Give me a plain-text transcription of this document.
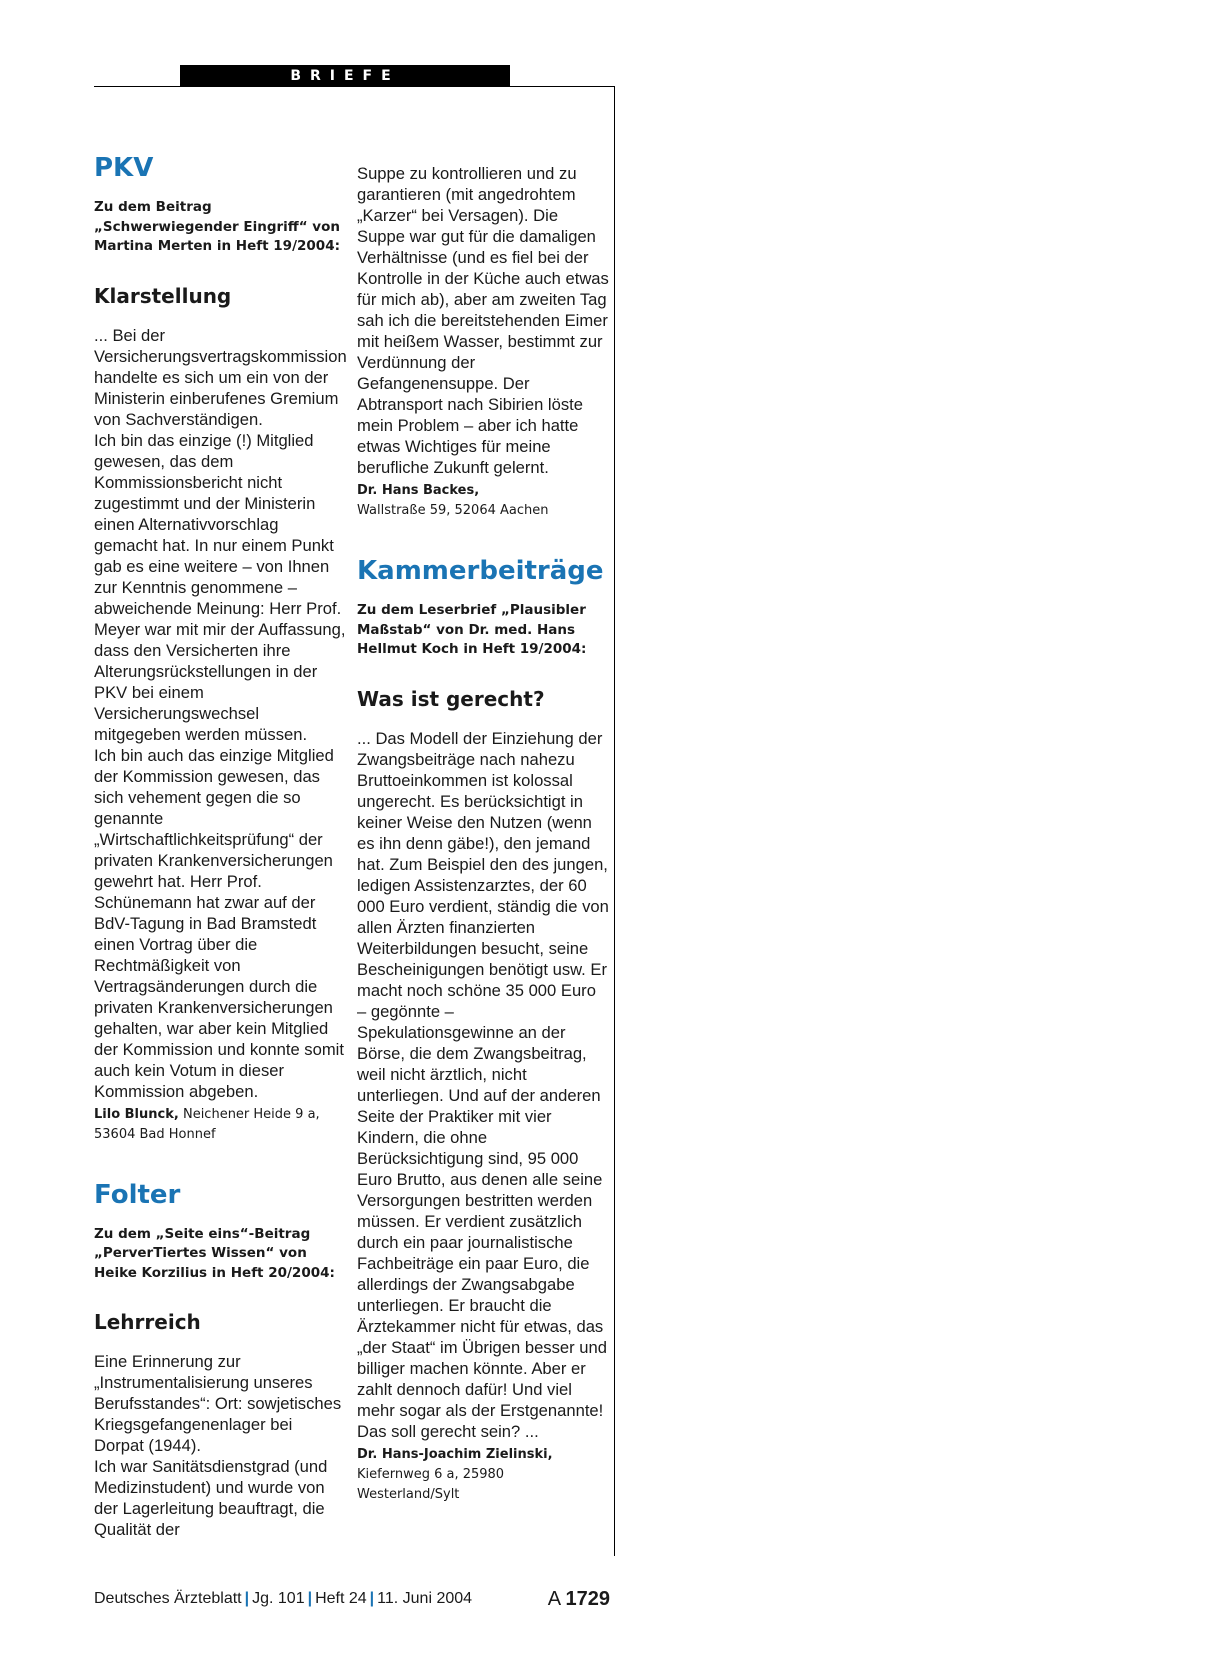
BRIEFE
PKV
Zu dem Beitrag „Schwerwiegender Eingriff“ von Martina Merten in Heft 19/2004:
Klarstellung

... Bei der Versicherungsvertragskommission handelte es sich um ein von der Ministerin einberufenes Gremium von Sachverständigen.

Ich bin das einzige (!) Mitglied gewesen, das dem Kommissionsbericht nicht zugestimmt und der Ministerin einen Alternativvorschlag gemacht hat. In nur einem Punkt gab es eine weitere – von Ihnen zur Kenntnis genommene – abweichende Meinung: Herr Prof. Meyer war mit mir der Auffassung, dass den Versicherten ihre Alterungsrückstellungen in der PKV bei einem Versicherungswechsel mitgegeben werden müssen.

Ich bin auch das einzige Mitglied der Kommission gewesen, das sich vehement gegen die so genannte „Wirtschaftlichkeitsprüfung“ der privaten Krankenversicherungen gewehrt hat. Herr Prof. Schünemann hat zwar auf der BdV-Tagung in Bad Bramstedt einen Vortrag über die Rechtmäßigkeit von Vertragsänderungen durch die privaten Krankenversicherungen gehalten, war aber kein Mitglied der Kommission und konnte somit auch kein Votum in dieser Kommission abgeben.

Lilo Blunck, Neichener Heide 9 a, 53604 Bad Honnef
Folter
Zu dem „Seite eins“-Beitrag „PerverTiertes Wissen“ von Heike Korzilius in Heft 20/2004:
Lehrreich

Eine Erinnerung zur „Instrumentalisierung unseres Berufsstandes“: Ort: sowjetisches Kriegsgefangenenlager bei Dorpat (1944).

Ich war Sanitätsdienstgrad (und Medizinstudent) und wurde von der Lagerleitung beauftragt, die Qualität der

Suppe zu kontrollieren und zu garantieren (mit angedrohtem „Karzer“ bei Versagen). Die Suppe war gut für die damaligen Verhältnisse (und es fiel bei der Kontrolle in der Küche auch etwas für mich ab), aber am zweiten Tag sah ich die bereitstehenden Eimer mit heißem Wasser, bestimmt zur Verdünnung der Gefangenensuppe. Der Abtransport nach Sibirien löste mein Problem – aber ich hatte etwas Wichtiges für meine berufliche Zukunft gelernt.

Dr. Hans Backes,
Wallstraße 59, 52064 Aachen
Kammerbeiträge
Zu dem Leserbrief „Plausibler Maßstab“ von Dr. med. Hans Hellmut Koch in Heft 19/2004:
Was ist gerecht?

... Das Modell der Einziehung der Zwangsbeiträge nach nahezu Bruttoeinkommen ist kolossal ungerecht. Es berücksichtigt in keiner Weise den Nutzen (wenn es ihn denn gäbe!), den jemand hat. Zum Beispiel den des jungen, ledigen Assistenzarztes, der 60 000 Euro verdient, ständig die von allen Ärzten finanzierten Weiterbildungen besucht, seine Bescheinigungen benötigt usw. Er macht noch schöne 35 000 Euro – gegönnte – Spekulationsgewinne an der Börse, die dem Zwangsbeitrag, weil nicht ärztlich, nicht unterliegen. Und auf der anderen Seite der Praktiker mit vier Kindern, die ohne Berücksichtigung sind, 95 000 Euro Brutto, aus denen alle seine Versorgungen bestritten werden müssen. Er verdient zusätzlich durch ein paar journalistische Fachbeiträge ein paar Euro, die allerdings der Zwangsabgabe unterliegen. Er braucht die Ärztekammer nicht für etwas, das „der Staat“ im Übrigen besser und billiger machen könnte. Aber er zahlt dennoch dafür! Und viel mehr sogar als der Erstgenannte! Das soll gerecht sein? ...

Dr. Hans-Joachim Zielinski,
Kiefernweg 6 a, 25980 Westerland/Sylt
Deutsches Ärzteblatt | Jg. 101 | Heft 24 | 11. Juni 2004	A 1729
